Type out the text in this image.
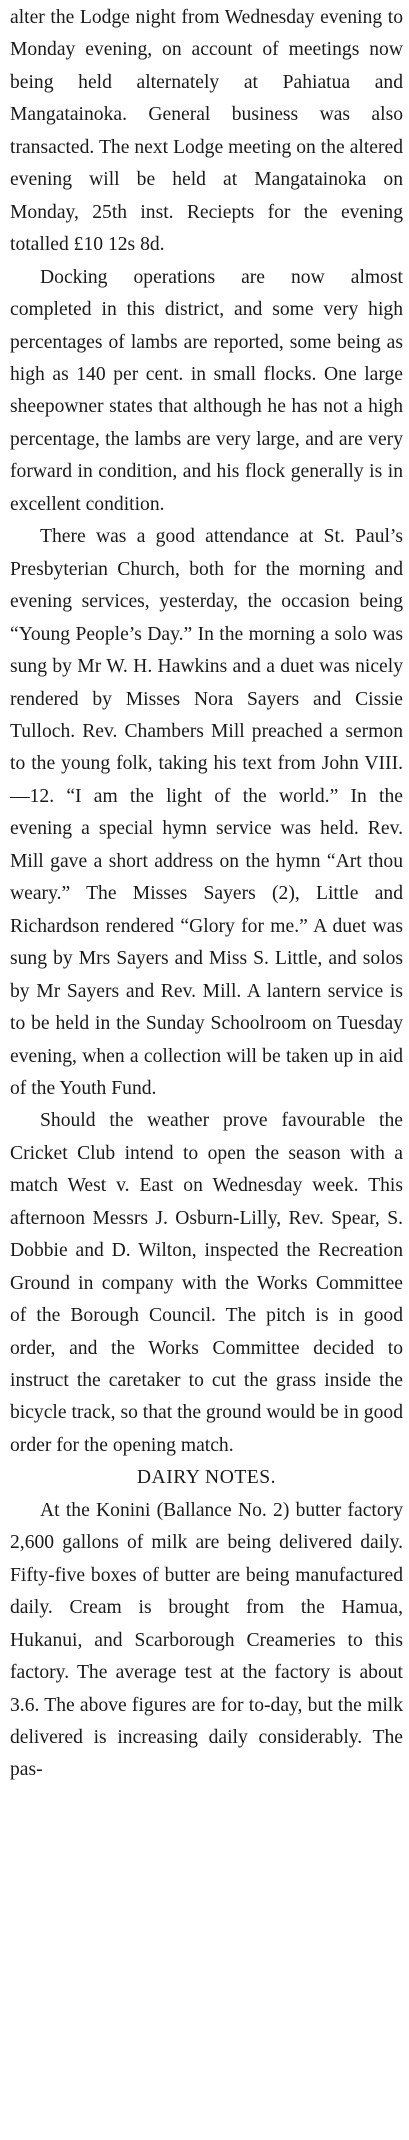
alter the Lodge night from Wednesday evening to Monday evening, on account of meetings now being held alternately at Pahiatua and Mangatainoka. General business was also transacted. The next Lodge meeting on the altered evening will be held at Mangatainoka on Monday, 25th inst. Reciepts for the evening totalled £10 12s 8d.

Docking operations are now almost completed in this district, and some very high percentages of lambs are reported, some being as high as 140 per cent. in small flocks. One large sheepowner states that although he has not a high percentage, the lambs are very large, and are very forward in condition, and his flock generally is in excellent condition.

There was a good attendance at St. Paul’s Presbyterian Church, both for the morning and evening services, yesterday, the occasion being “Young People’s Day.” In the morning a solo was sung by Mr W. H. Hawkins and a duet was nicely rendered by Misses Nora Sayers and Cissie Tulloch. Rev. Chambers Mill preached a sermon to the young folk, taking his text from John VIII.—12. “I am the light of the world.” In the evening a special hymn service was held. Rev. Mill gave a short address on the hymn “Art thou weary.” The Misses Sayers (2), Little and Richardson rendered “Glory for me.” A duet was sung by Mrs Sayers and Miss S. Little, and solos by Mr Sayers and Rev. Mill. A lantern service is to be held in the Sunday Schoolroom on Tuesday evening, when a collection will be taken up in aid of the Youth Fund.

Should the weather prove favourable the Cricket Club intend to open the season with a match West v. East on Wednesday week. This afternoon Messrs J. Osburn-Lilly, Rev. Spear, S. Dobbie and D. Wilton, inspected the Recreation Ground in company with the Works Committee of the Borough Council. The pitch is in good order, and the Works Committee decided to instruct the caretaker to cut the grass inside the bicycle track, so that the ground would be in good order for the opening match.

DAIRY NOTES.

At the Konini (Ballance No. 2) butter factory 2,600 gallons of milk are being delivered daily. Fifty-five boxes of butter are being manufactured daily. Cream is brought from the Hamua, Hukanui, and Scarborough Creameries to this factory. The average test at the factory is about 3.6. The above figures are for to-day, but the milk delivered is increasing daily considerably. The pas-
